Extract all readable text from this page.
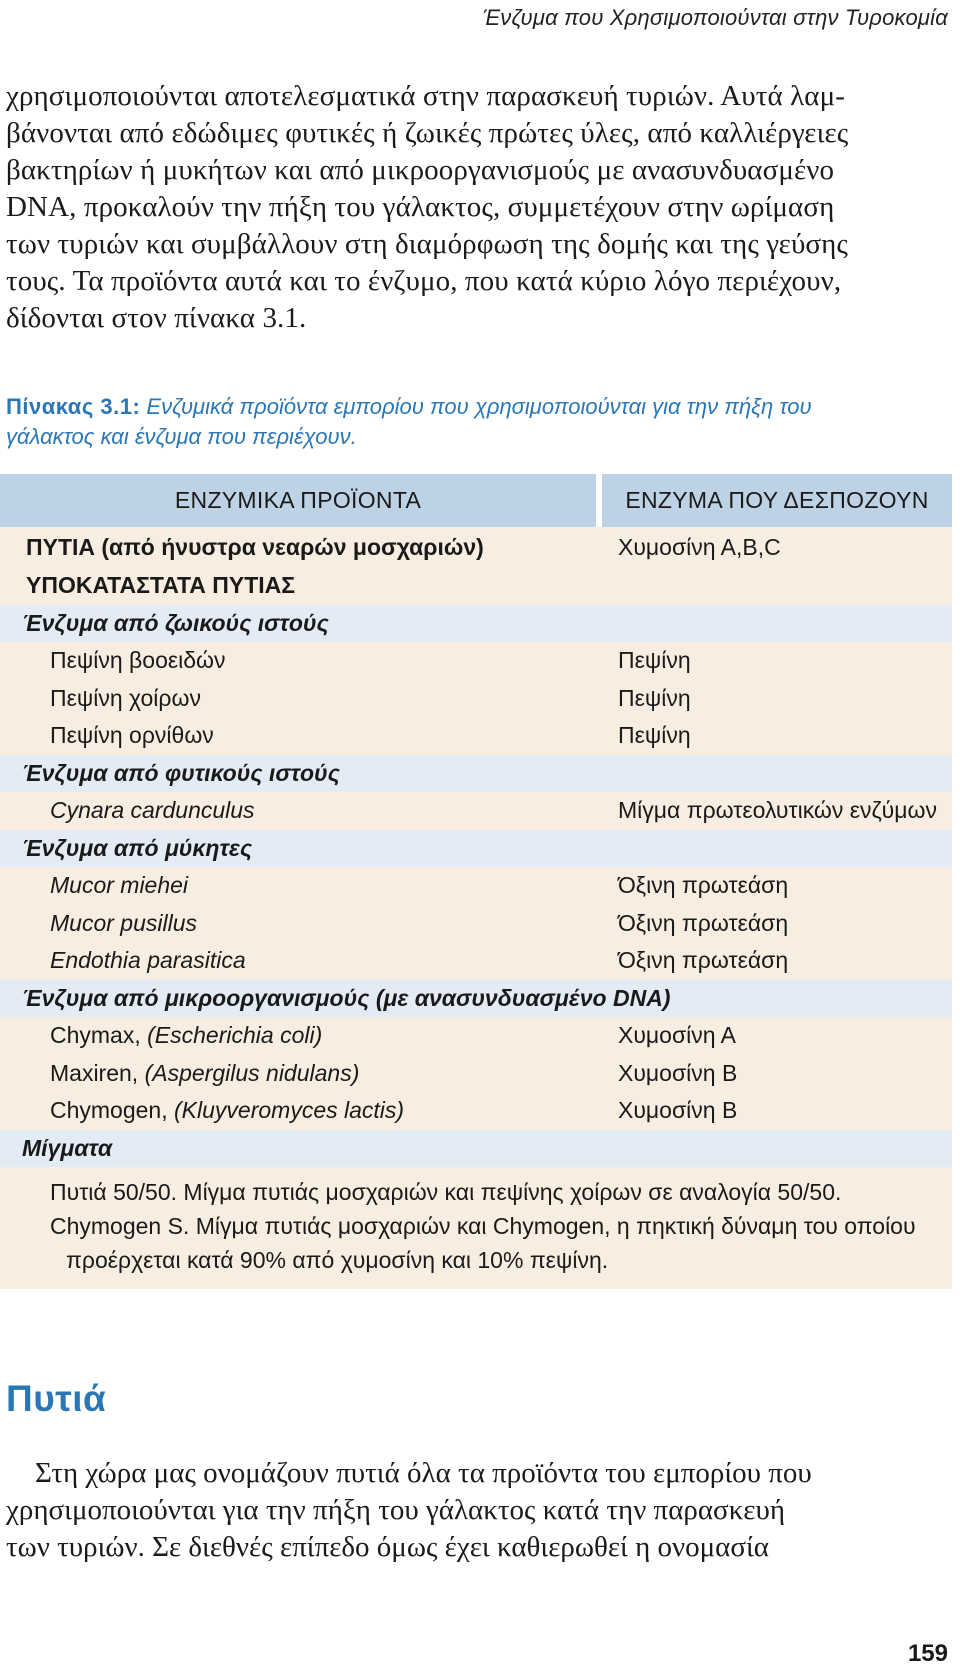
Ένζυμα που Χρησιμοποιούνται στην Τυροκομία
χρησιμοποιούνται αποτελεσματικά στην παρασκευή τυριών. Αυτά λαμ-
βάνονται από εδώδιμες φυτικές ή ζωικές πρώτες ύλες, από καλλιέργειες
βακτηρίων ή μυκήτων και από μικροοργανισμούς με ανασυνδυασμένο
DNA, προκαλούν την πήξη του γάλακτος, συμμετέχουν στην ωρίμαση
των τυριών και συμβάλλουν στη διαμόρφωση της δομής και της γεύσης
τους. Τα προϊόντα αυτά και το ένζυμο, που κατά κύριο λόγο περιέχουν,
δίδονται στον πίνακα 3.1.
Πίνακας 3.1: Ενζυμικά προϊόντα εμπορίου που χρησιμοποιούνται για την πήξη του
γάλακτος και ένζυμα που περιέχουν.
ΕΝΖΥΜΙΚΑ ΠΡΟΪΟΝΤΑ	ΕΝΖΥΜΑ ΠΟΥ ΔΕΣΠΟΖΟΥΝ
ΠΥΤΙΑ (από ήνυστρα νεαρών μοσχαριών)	Χυμοσίνη Α,Β,C
ΥΠΟΚΑΤΑΣΤΑΤΑ ΠΥΤΙΑΣ
Ένζυμα από ζωικούς ιστούς
Πεψίνη βοοειδών	Πεψίνη
Πεψίνη χοίρων	Πεψίνη
Πεψίνη ορνίθων	Πεψίνη
Ένζυμα από φυτικούς ιστούς
Cynara cardunculus	Μίγμα πρωτεολυτικών ενζύμων
Ένζυμα από μύκητες
Mucor miehei	Όξινη πρωτεάση
Mucor pusillus	Όξινη πρωτεάση
Endothia parasitica	Όξινη πρωτεάση
Ένζυμα από μικροοργανισμούς (με ανασυνδυασμένο DNA)
Chymax, (Escherichia coli)	Χυμοσίνη Α
Maxiren, (Aspergilus nidulans)	Χυμοσίνη Β
Chymogen, (Kluyveromyces lactis)	Χυμοσίνη Β
Μίγματα
Πυτιά 50/50. Μίγμα πυτιάς μοσχαριών και πεψίνης χοίρων σε αναλογία 50/50.
Chymogen S. Μίγμα πυτιάς μοσχαριών και Chymogen, η πηκτική δύναμη του οποίου
προέρχεται κατά 90% από χυμοσίνη και 10% πεψίνη.
Πυτιά
Στη χώρα μας ονομάζουν πυτιά όλα τα προϊόντα του εμπορίου που
χρησιμοποιούνται για την πήξη του γάλακτος κατά την παρασκευή
των τυριών. Σε διεθνές επίπεδο όμως έχει καθιερωθεί η ονομασία
159
